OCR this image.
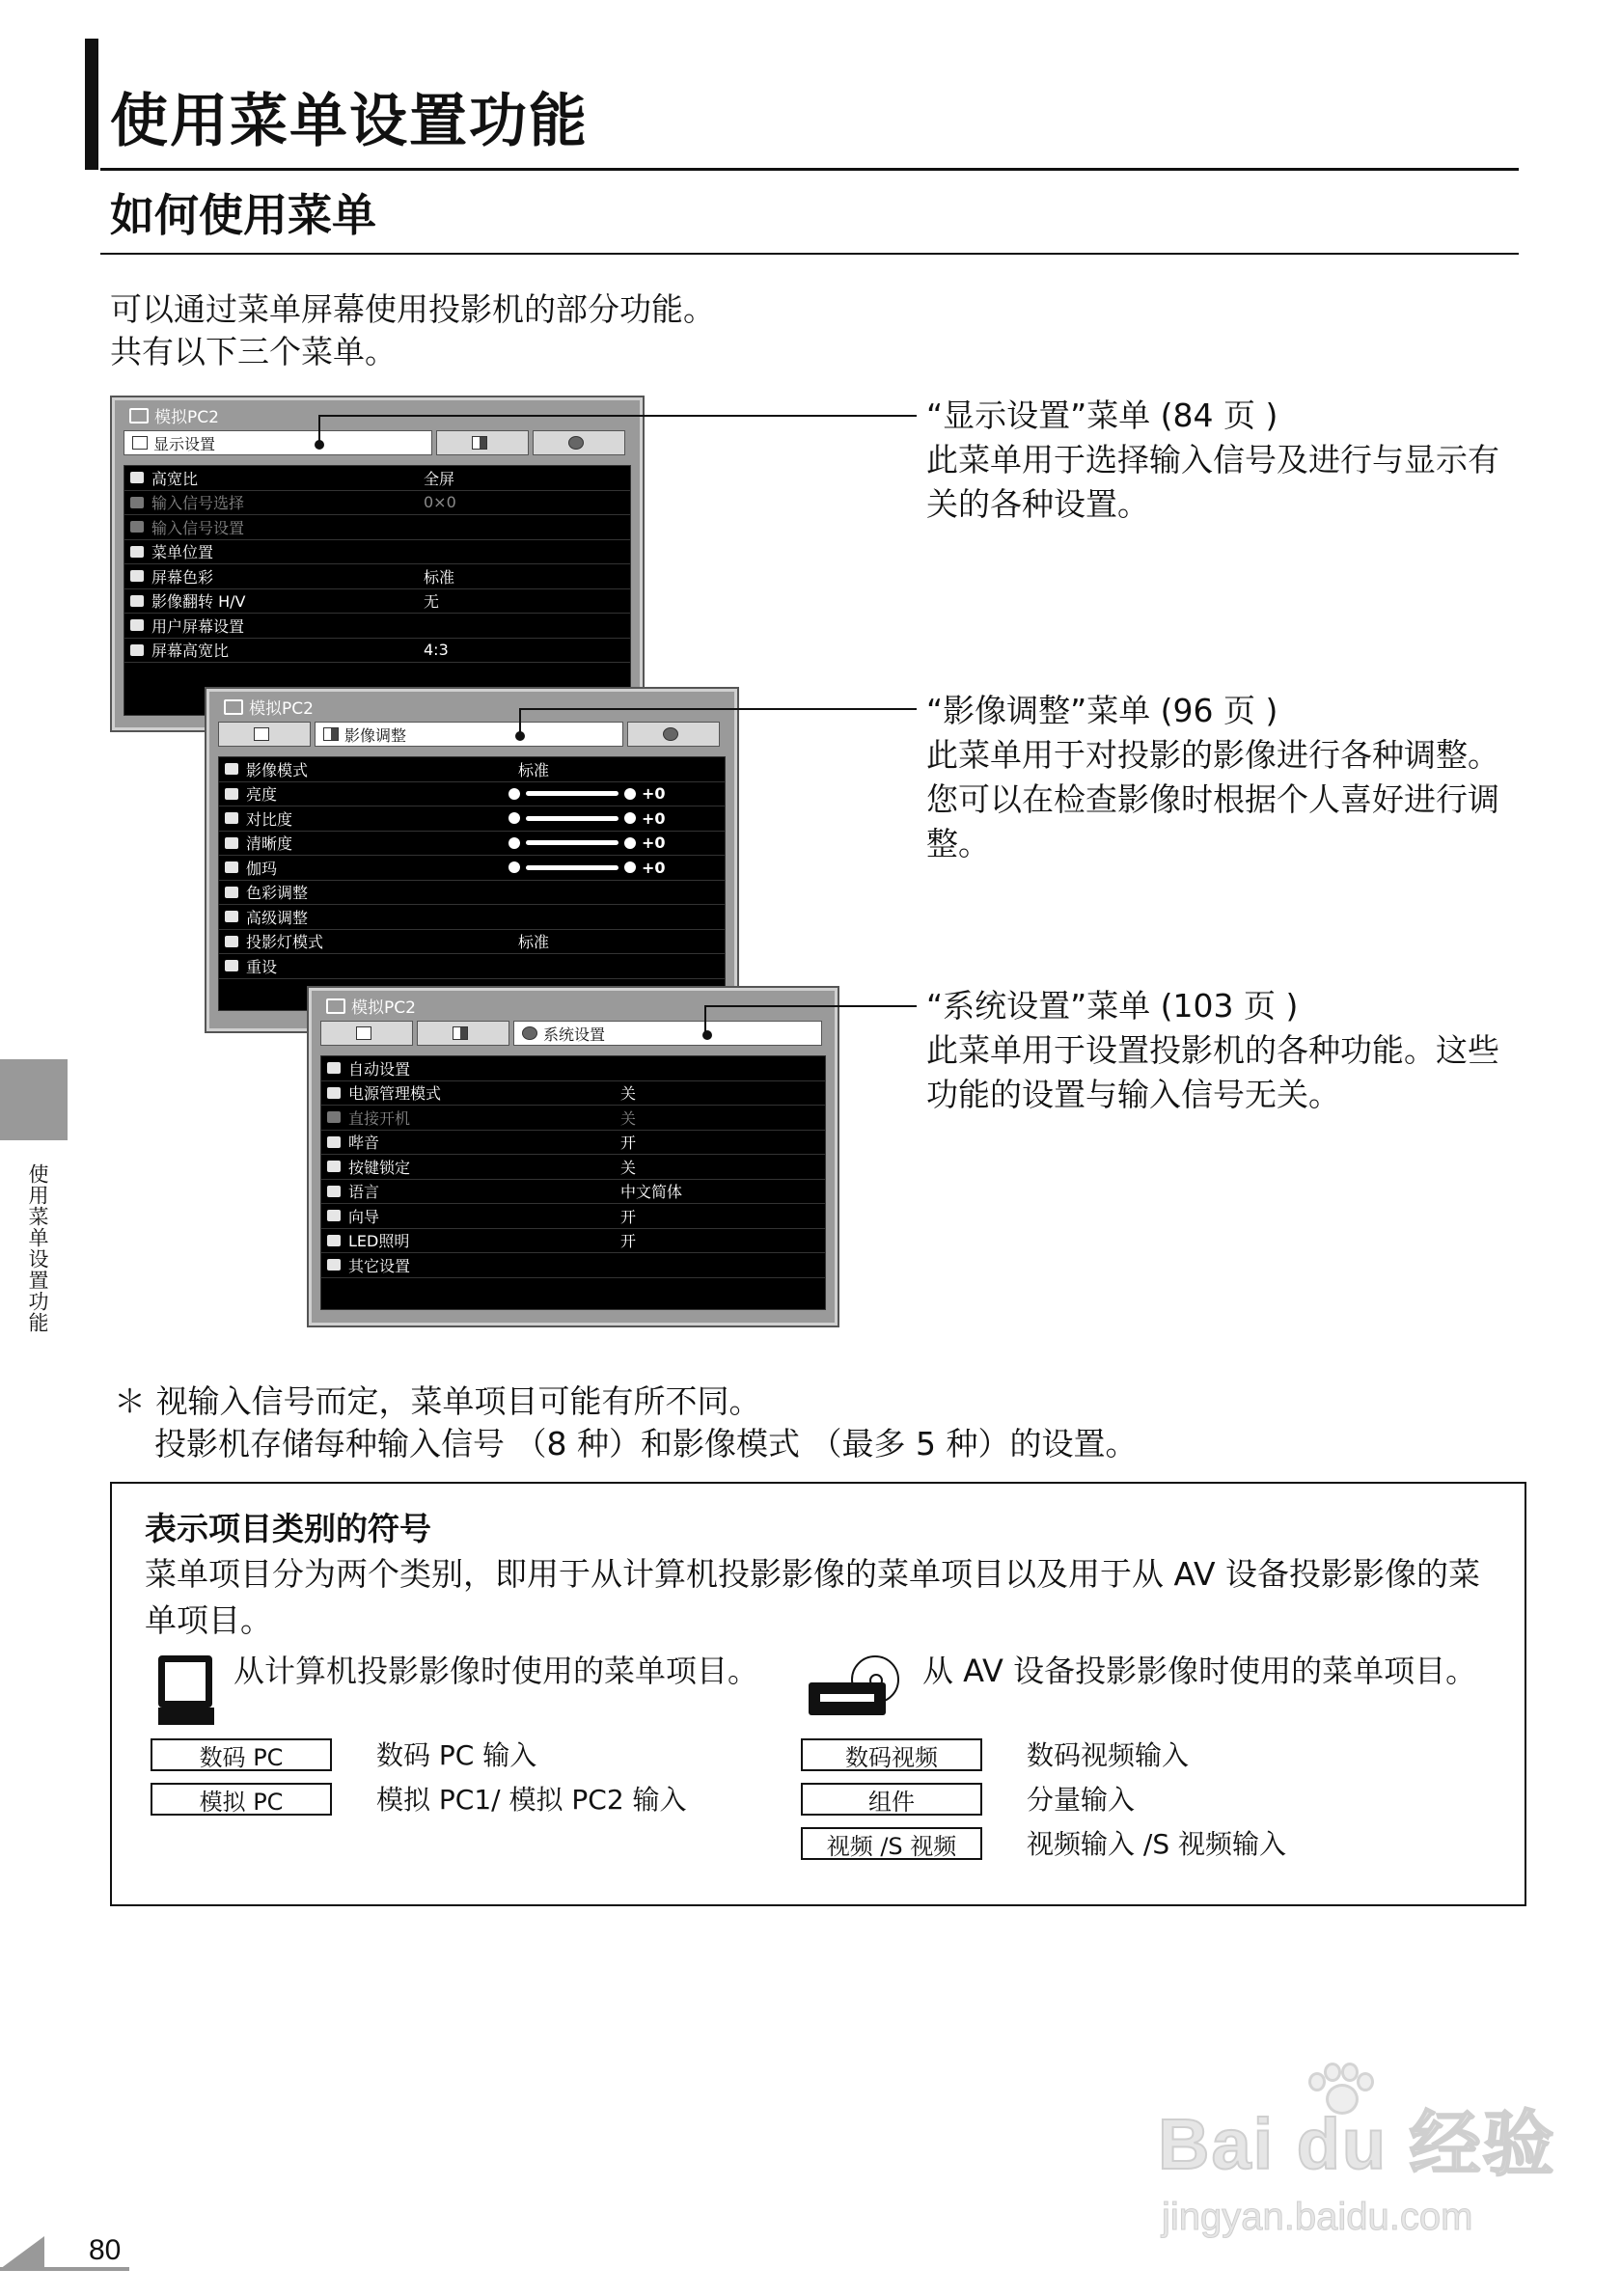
使用菜单设置功能
如何使用菜单
可以通过菜单屏幕使用投影机的部分功能。
共有以下三个菜单。
模拟PC2
显示设置
高宽比	全屏
输入信号选择	0×0
输入信号设置
菜单位置
屏幕色彩	标准
影像翻转 H/V	无
用户屏幕设置
屏幕高宽比	4:3
模拟PC2
影像调整
影像模式	标准
亮度	+0
对比度	+0
清晰度	+0
伽玛	+0
色彩调整
高级调整
投影灯模式	标准
重设
模拟PC2
系统设置
自动设置
电源管理模式	关
直接开机	关
哔音	开
按键锁定	关
语言	中文简体
向导	开
LED照明	开
其它设置
“显示设置”菜单 (84 页 )
此菜单用于选择输入信号及进行与显示有关的各种设置。
“影像调整”菜单 (96 页 )
此菜单用于对投影的影像进行各种调整。您可以在检查影像时根据个人喜好进行调整。
“系统设置”菜单 (103 页 )
此菜单用于设置投影机的各种功能。这些功能的设置与输入信号无关。
使用菜单设置功能
＊ 视输入信号而定，菜单项目可能有所不同。
投影机存储每种输入信号 （8 种）和影像模式 （最多 5 种）的设置。
表示项目类别的符号
菜单项目分为两个类别，即用于从计算机投影影像的菜单项目以及用于从 AV 设备投影影像的菜单项目。
从计算机投影影像时使用的菜单项目。	从 AV 设备投影影像时使用的菜单项目。
数码 PC	数码 PC 输入
模拟 PC	模拟 PC1/ 模拟 PC2 输入
数码视频	数码视频输入
组件	分量输入
视频 /S 视频	视频输入 /S 视频输入
Bai du 经验
jingyan.baidu.com
80
